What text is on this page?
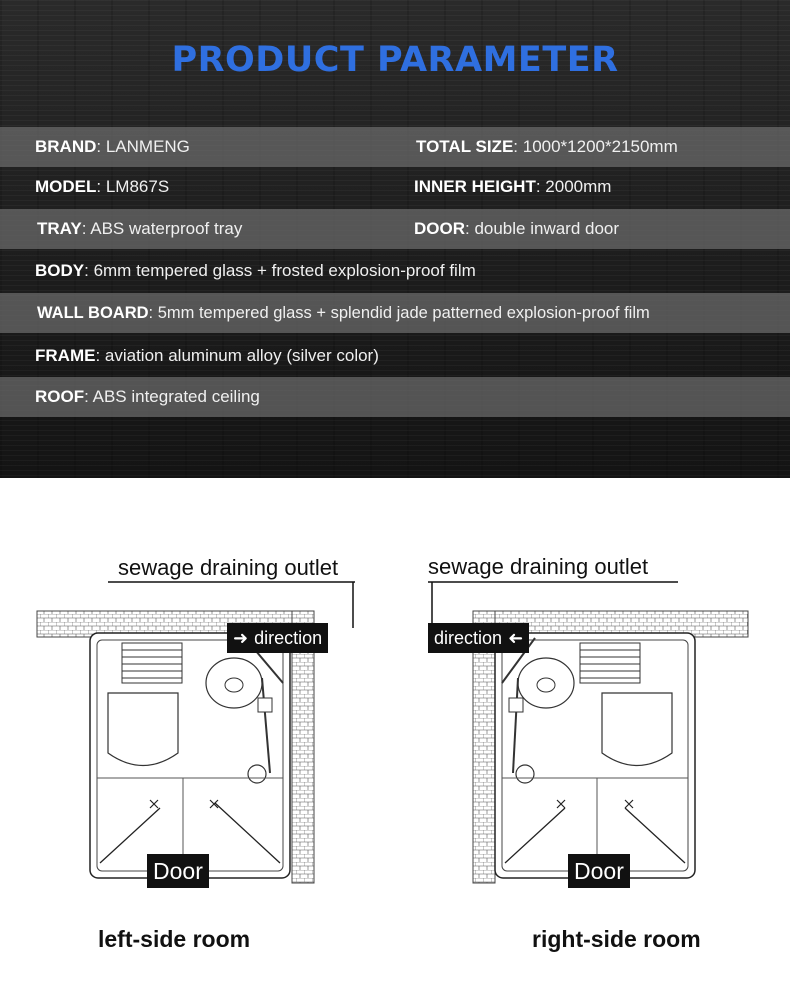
PRODUCT PARAMETER
BRAND : LANMENG	TOTAL SIZE : 1000*1200*2150mm
MODEL : LM867S	INNER HEIGHT : 2000mm
TRAY : ABS waterproof tray	DOOR : double inward door
BODY : 6mm tempered glass + frosted explosion-proof film
WALL BOARD : 5mm tempered glass + splendid jade patterned explosion-proof film
FRAME : aviation aluminum alloy (silver color)
ROOF : ABS integrated ceiling
sewage draining outlet
➜ direction
Door
left-side room
sewage draining outlet
direction ➜
Door
right-side room
